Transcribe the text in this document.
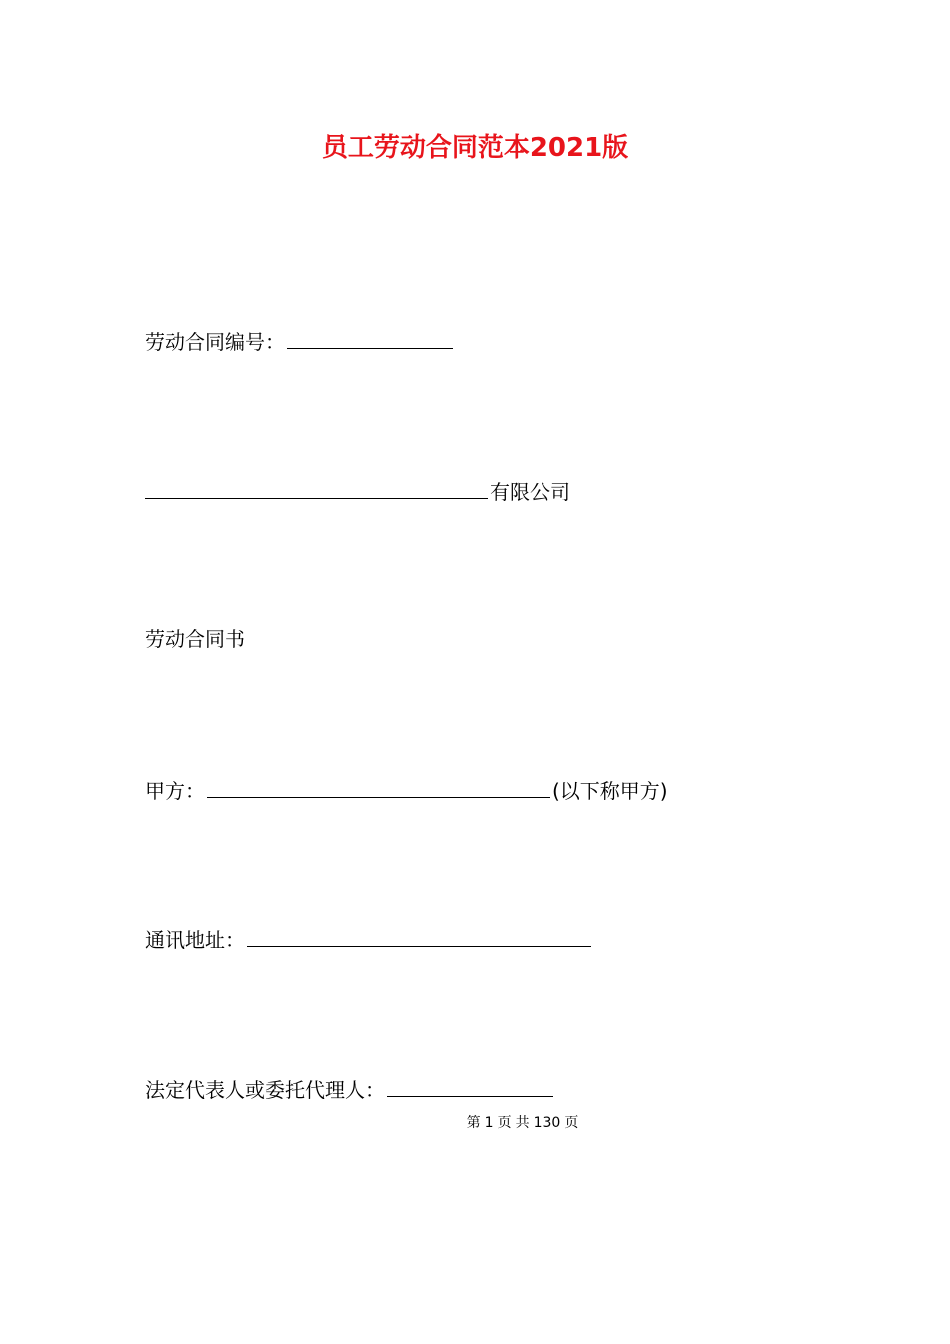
员工劳动合同范本2021版
劳动合同编号：
有限公司
劳动合同书
甲方：	(以下称甲方)
通讯地址：
法定代表人或委托代理人：
第 1 页 共 130 页
